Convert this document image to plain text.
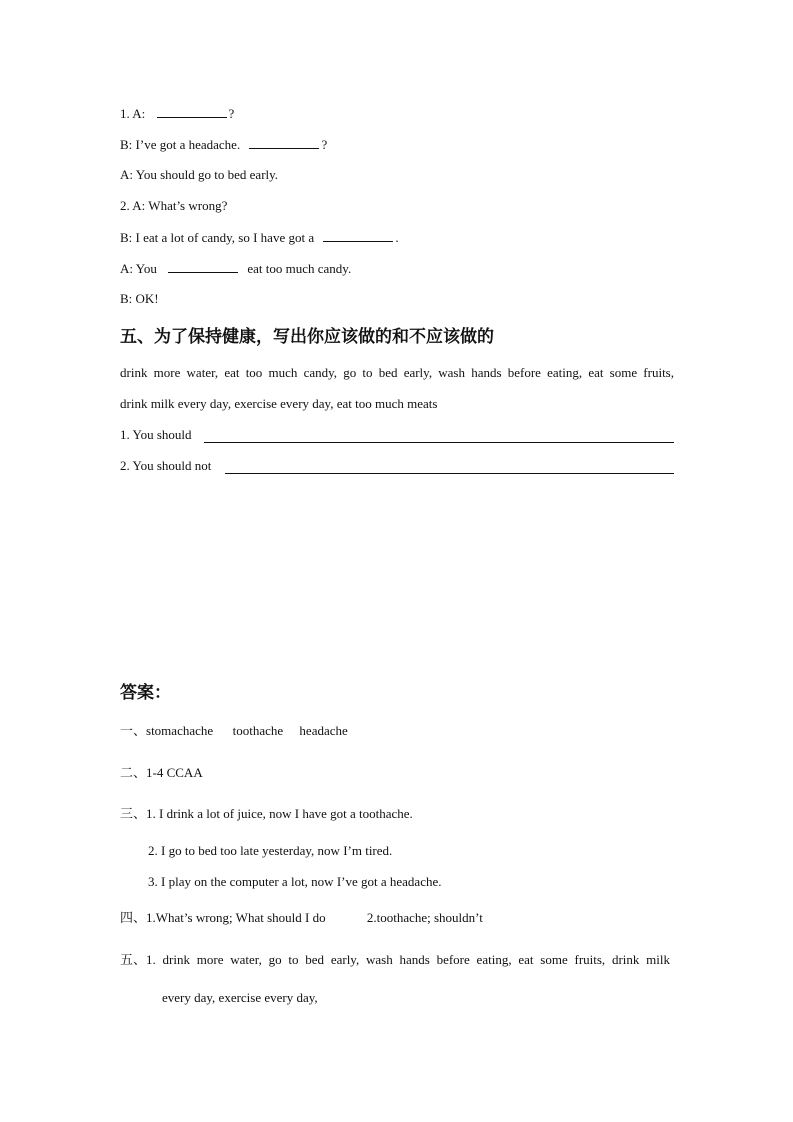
1. A:	?
B: I’ve got a headache.	?
A: You should go to bed early.
2. A: What’s wrong?
B: I eat a lot of candy, so I have got a	.
A: You	eat too much candy.
B: OK!
五、为了保持健康，写出你应该做的和不应该做的
drink more water, eat too much candy, go to bed early, wash hands before eating, eat some fruits,
drink milk every day, exercise every day, eat too much meats
1. You should
2. You should not
答案：
一、stomachache      toothache     headache
二、1-4 CCAA
三、1. I drink a lot of juice, now I have got a toothache.
2. I go to bed too late yesterday, now I’m tired.
3. I play on the computer a lot, now I’ve got a headache.
四、1.What’s wrong; What should I do	2.toothache; shouldn’t
五、1. drink more water, go to bed early, wash hands before eating, eat some fruits, drink milk
every day, exercise every day,
